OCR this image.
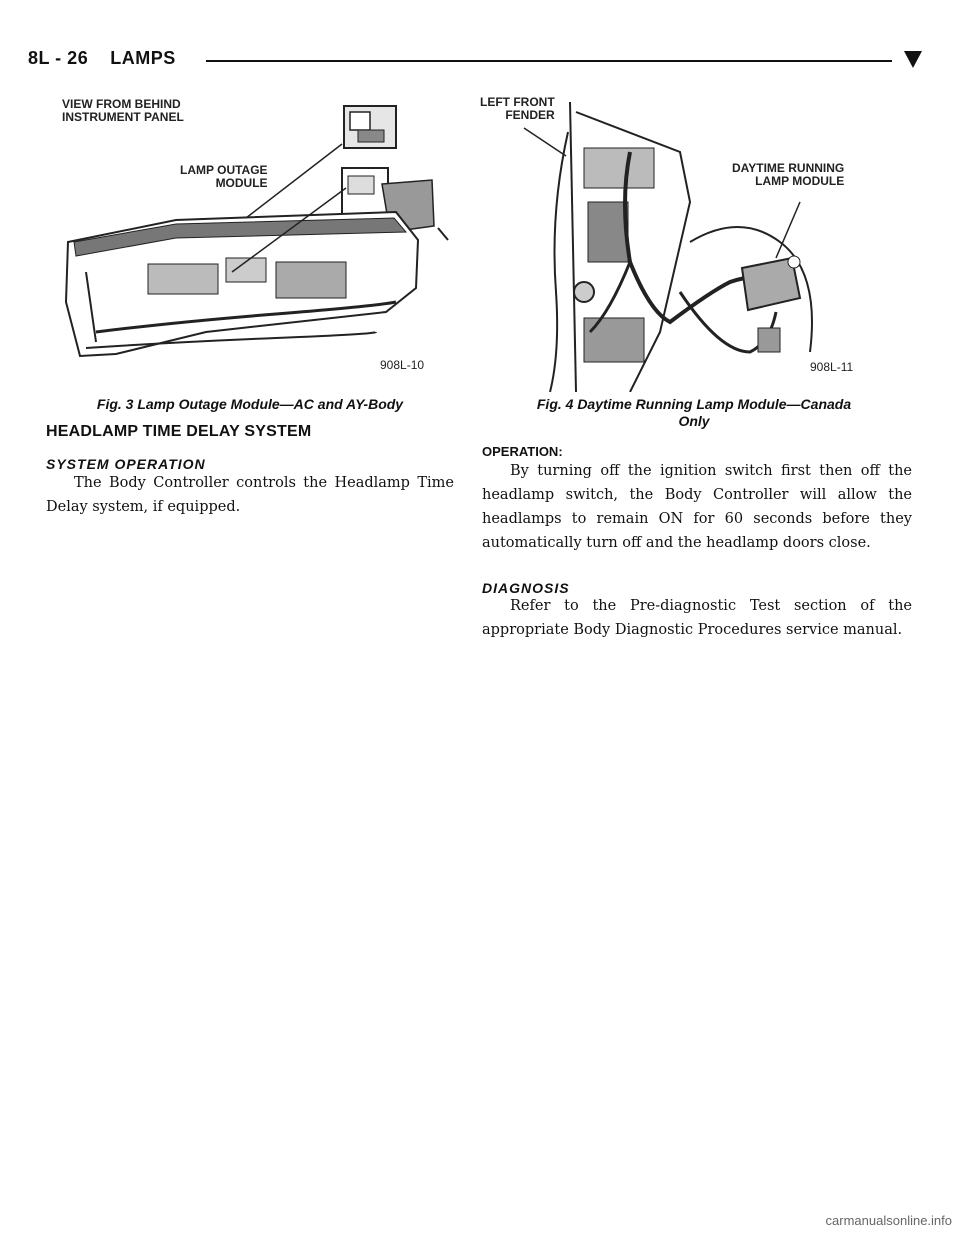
8L - 26    LAMPS
VIEW FROM BEHIND
INSTRUMENT PANEL
LAMP OUTAGE
MODULE
908L-10
Fig. 3 Lamp Outage Module—AC and AY-Body
LEFT FRONT
FENDER
DAYTIME RUNNING
LAMP MODULE
908L-11
Fig. 4 Daytime Running Lamp Module—Canada
Only
HEADLAMP TIME DELAY SYSTEM
SYSTEM OPERATION

The Body Controller controls the Headlamp Time Delay system, if equipped.

OPERATION:

By turning off the ignition switch first then off the headlamp switch, the Body Controller will allow the headlamps to remain ON for 60 seconds before they automatically turn off and the headlamp doors close.

DIAGNOSIS

Refer to the Pre-diagnostic Test section of the appropriate Body Diagnostic Procedures service manual.

carmanualsonline.info
